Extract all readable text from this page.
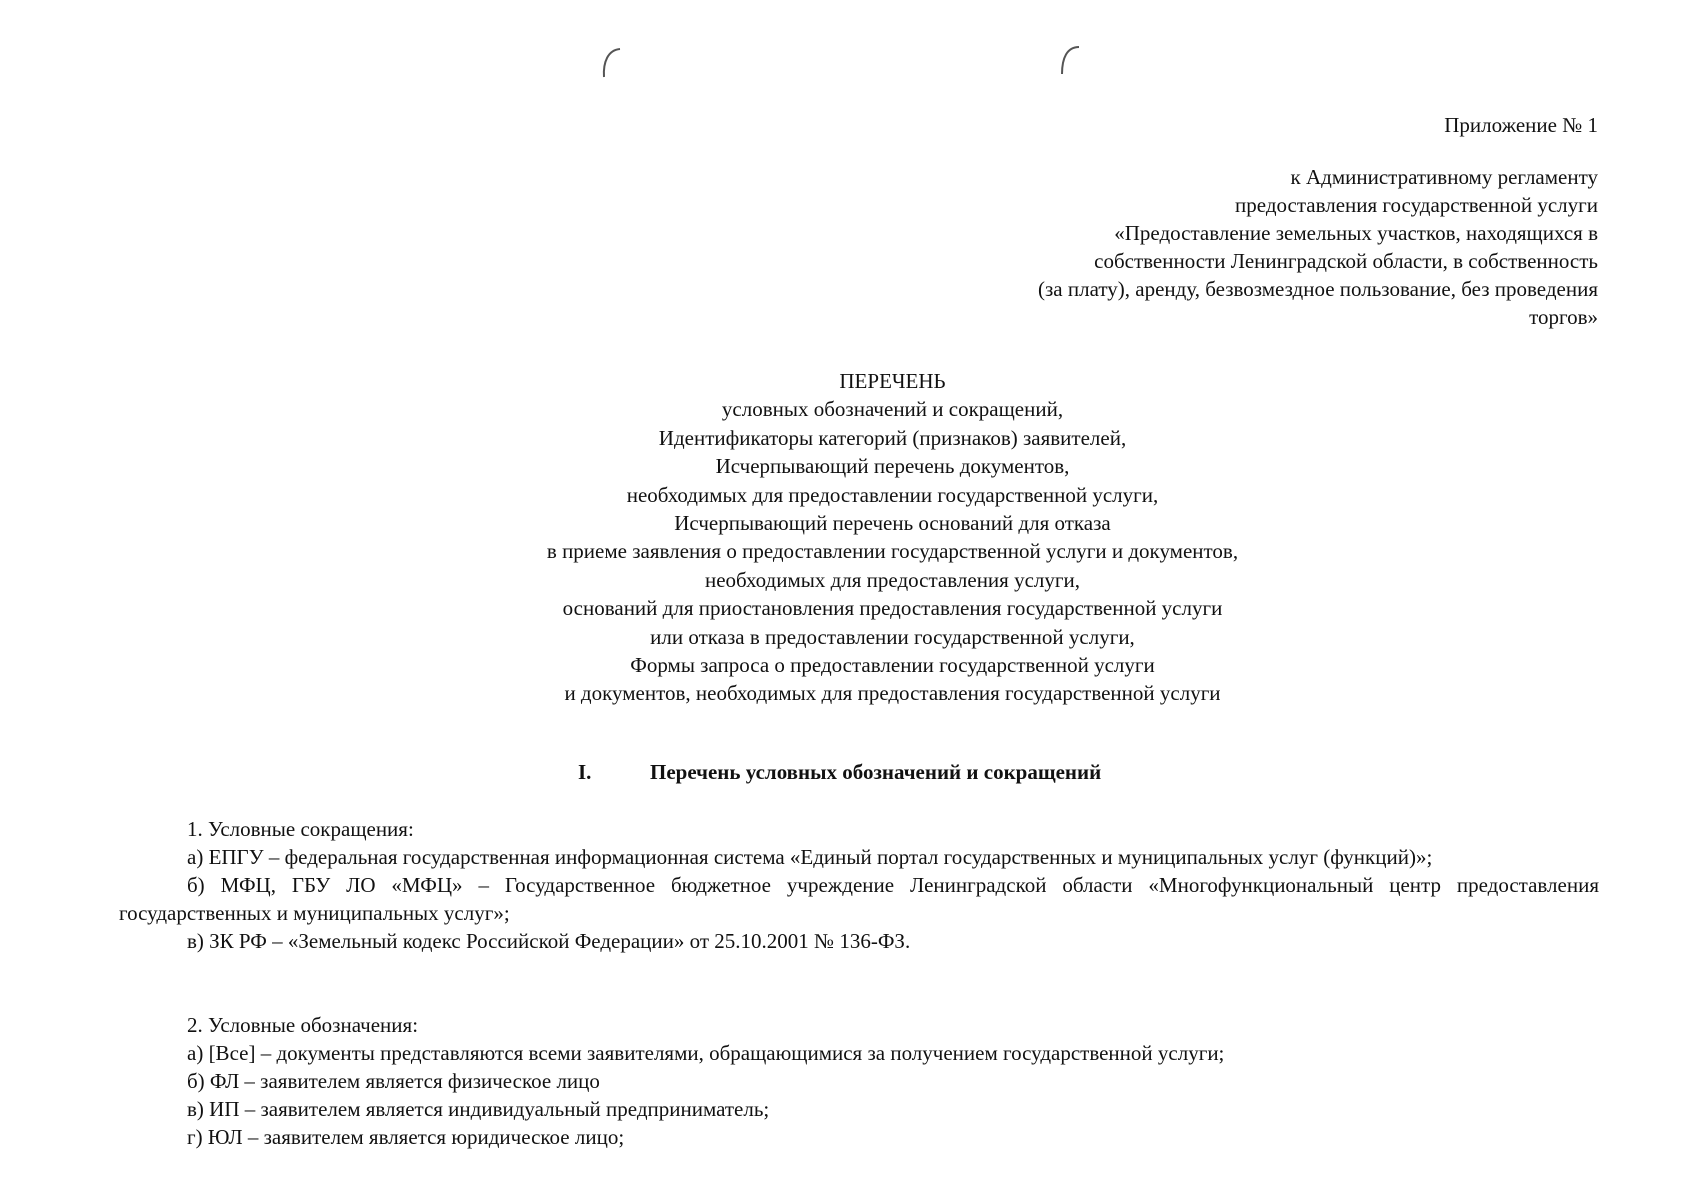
Приложение № 1
к Административному регламенту
предоставления государственной услуги
«Предоставление земельных участков, находящихся в
собственности Ленинградской области, в собственность
(за плату), аренду, безвозмездное пользование, без проведения
торгов»
ПЕРЕЧЕНЬ
условных обозначений и сокращений,
Идентификаторы категорий (признаков) заявителей,
Исчерпывающий перечень документов,
необходимых для предоставлении государственной услуги,
Исчерпывающий перечень оснований для отказа
в приеме заявления о предоставлении государственной услуги и документов,
необходимых для предоставления услуги,
оснований для приостановления предоставления государственной услуги
или отказа в предоставлении государственной услуги,
Формы запроса о предоставлении государственной услуги
и документов, необходимых для предоставления государственной услуги
I.	Перечень условных обозначений и сокращений

1. Условные сокращения:

а) ЕПГУ – федеральная государственная информационная система «Единый портал государственных и муниципальных услуг (функций)»;

б) МФЦ, ГБУ ЛО «МФЦ» – Государственное бюджетное учреждение Ленинградской области «Многофункциональный центр предоставления государственных и муниципальных услуг»;

в) ЗК РФ – «Земельный кодекс Российской Федерации» от 25.10.2001 № 136-ФЗ.

2. Условные обозначения:

а) [Все] – документы представляются всеми заявителями, обращающимися за получением государственной услуги;

б) ФЛ – заявителем является физическое лицо

в) ИП – заявителем является индивидуальный предприниматель;

г) ЮЛ – заявителем является юридическое лицо;
